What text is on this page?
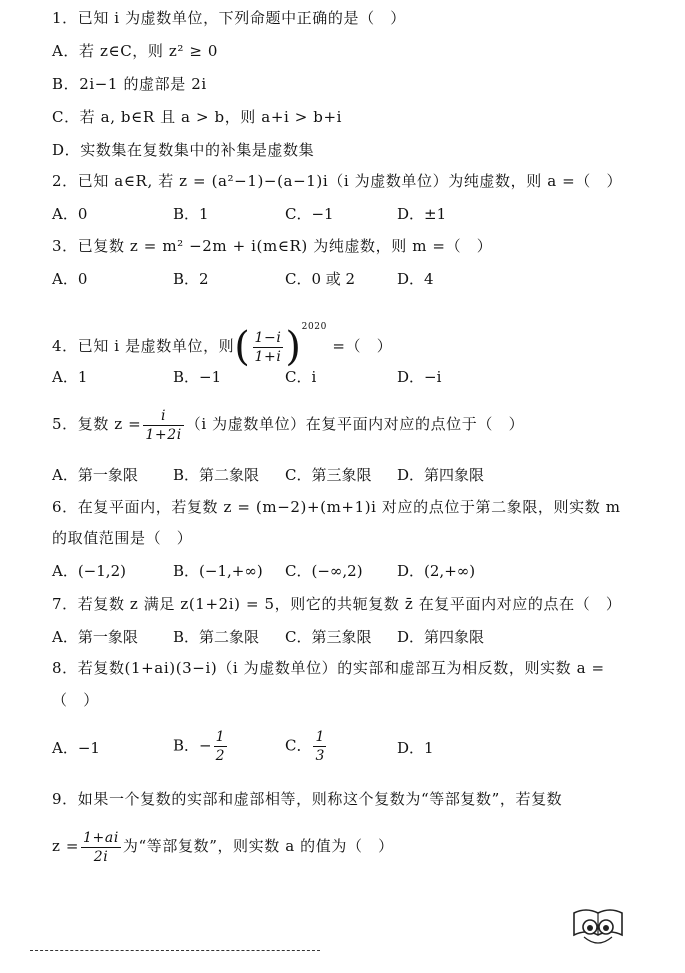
1．已知 i 为虚数单位，下列命题中正确的是（　）
A．若 z∈C，则 z² ≥ 0
B．2i−1 的虚部是 2i
C．若 a, b∈R 且 a > b，则 a+i > b+i
D．实数集在复数集中的补集是虚数集
2．已知 a∈R, 若 z = (a²−1)−(a−1)i（i 为虚数单位）为纯虚数，则 a =（　）
A．0	B．1	C．−1	D．±1
3．已复数 z = m² −2m + i(m∈R) 为纯虚数，则 m =（　）
A．0	B．2	C．0 或 2	D．4
4．已知 i 是虚数单位，则( $\frac{1-i}{1+i} )^{2020}$ =（　）
A．1	B．−1	C．i	D．−i
5．复数 $z = \frac{i}{1+2i} (i$ 为虚数单位）在复平面内对应的点位于（　）
A．第一象限 B．第二象限 C．第三象限 D．第四象限
6．在复平面内，若复数 z = (m−2)+(m+1)i 对应的点位于第二象限，则实数 m
的取值范围是（　）
A．(−1,2)	B．(−1,+∞) C．(−∞,2) D．(2,+∞)
7．若复数 z 满足 z(1+2i) = 5，则它的共轭复数 z̄ 在复平面内对应的点在（　）
A．第一象限 B．第二象限 C．第三象限 D．第四象限
8．若复数(1+ai)(3−i)（i 为虚数单位）的实部和虚部互为相反数，则实数 a =
（　）
A．−1	B．− $\frac{1}{2}$	C． $\frac{1}{3}$	D．1
9．如果一个复数的实部和虚部相等，则称这个复数为“等部复数”，若复数
$z = \frac{1+ai}{2i}$ 为“等部复数”，则实数 a 的值为（　）
